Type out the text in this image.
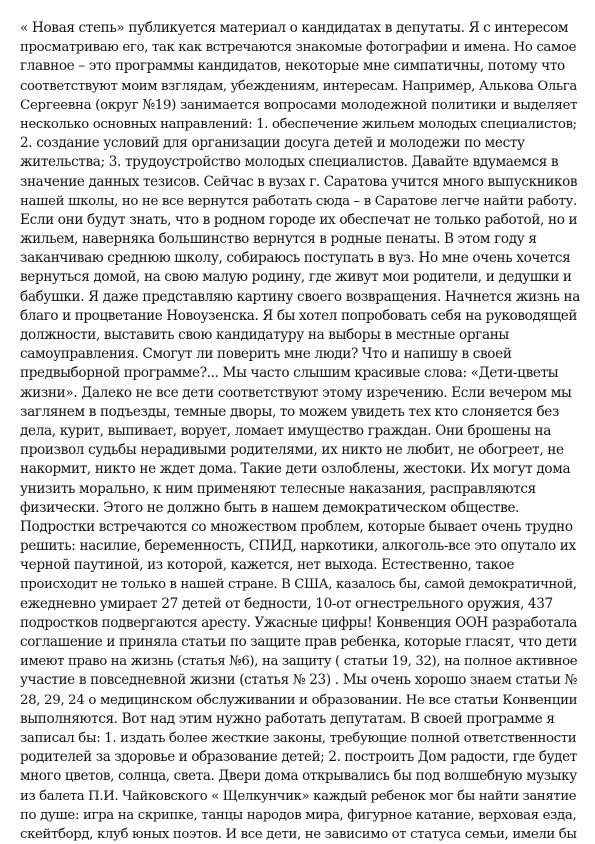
« Новая степь» публикуется материал о кандидатах в депутаты. Я с интересом
просматриваю его, так как встречаются знакомые фотографии и имена. Но самое
главное – это программы кандидатов, некоторые мне симпатичны, потому что
соответствуют моим взглядам, убеждениям, интересам. Например, Алькова Ольга
Сергеевна (округ №19) занимается вопросами молодежной политики и выделяет
несколько основных направлений: 1. обеспечение жильем молодых специалистов;
2. создание условий для организации досуга детей и молодежи по месту
жительства; 3. трудоустройство молодых специалистов. Давайте вдумаемся в
значение данных тезисов. Сейчас в вузах г. Саратова учится много выпускников
нашей школы, но не все вернутся работать сюда – в Саратове легче найти работу.
Если они будут знать, что в родном городе их обеспечат не только работой, но и
жильем, наверняка большинство вернутся в родные пенаты. В этом году я
заканчиваю среднюю школу, собираюсь поступать в вуз. Но мне очень хочется
вернуться домой, на свою малую родину, где живут мои родители, и дедушки и
бабушки. Я даже представляю картину своего возвращения. Начнется жизнь на
благо и процветание Новоузенска. Я бы хотел попробовать себя на руководящей
должности, выставить свою кандидатуру на выборы в местные органы
самоуправления. Смогут ли поверить мне люди? Что и напишу в своей
предвыборной программе?... Мы часто слышим красивые слова: «Дети-цветы
жизни». Далеко не все дети соответствуют этому изречению. Если вечером мы
заглянем в подъезды, темные дворы, то можем увидеть тех кто слоняется без
дела, курит, выпивает, ворует, ломает имущество граждан. Они брошены на
произвол судьбы нерадивыми родителями, их никто не любит, не обогреет, не
накормит, никто не ждет дома. Такие дети озлоблены, жестоки. Их могут дома
унизить морально, к ним применяют телесные наказания, расправляются
физически. Этого не должно быть в нашем демократическом обществе.
Подростки встречаются со множеством проблем, которые бывает очень трудно
решить: насилие, беременность, СПИД, наркотики, алкоголь-все это опутало их
черной паутиной, из которой, кажется, нет выхода. Естественно, такое
происходит не только в нашей стране. В США, казалось бы, самой демократичной,
ежедневно умирает 27 детей от бедности, 10-от огнестрельного оружия, 437
подростков подвергаются аресту. Ужасные цифры! Конвенция ООН разработала
соглашение и приняла статьи по защите прав ребенка, которые гласят, что дети
имеют право на жизнь (статья №6), на защиту ( статьи 19, 32), на полное активное
участие в повседневной жизни (статья № 23) . Мы очень хорошо знаем статьи №
28, 29, 24 о медицинском обслуживании и образовании. Не все статьи Конвенции
выполняются. Вот над этим нужно работать депутатам. В своей программе я
записал бы: 1. издать более жесткие законы, требующие полной ответственности
родителей за здоровье и образование детей; 2. построить Дом радости, где будет
много цветов, солнца, света. Двери дома открывались бы под волшебную музыку
из балета П.И. Чайковского « Щелкунчик» каждый ребенок мог бы найти занятие
по душе: игра на скрипке, танцы народов мира, фигурное катание, верховая езда,
скейтборд, клуб юных поэтов. И все дети, не зависимо от статуса семьи, имели бы
